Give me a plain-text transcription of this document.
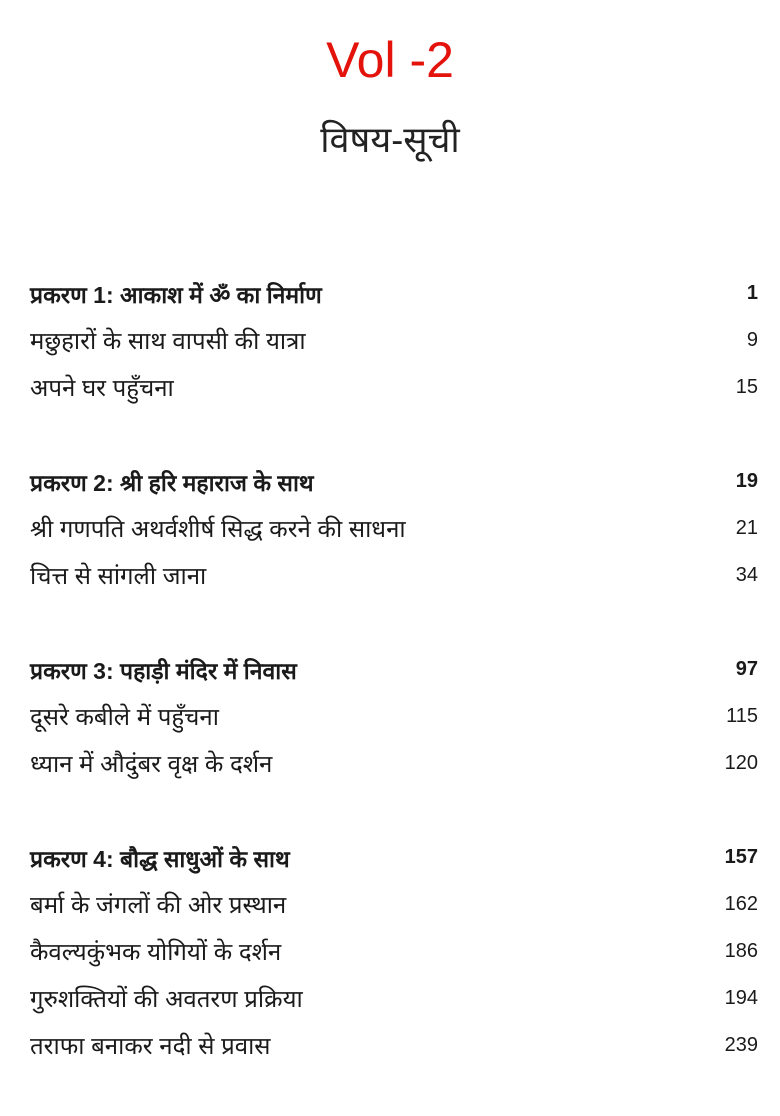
Vol -2
विषय-सूची
प्रकरण 1: आकाश में ॐ का निर्माण	1
मछुहारों के साथ वापसी की यात्रा	9
अपने घर पहुँचना	15
प्रकरण 2: श्री हरि महाराज के साथ	19
श्री गणपति अथर्वशीर्ष सिद्ध करने की साधना	21
चित्त से सांगली जाना	34
प्रकरण 3: पहाड़ी मंदिर में निवास	97
दूसरे कबीले में पहुँचना	115
ध्यान में औदुंबर वृक्ष के दर्शन	120
प्रकरण 4: बौद्ध साधुओं के साथ	157
बर्मा के जंगलों की ओर प्रस्थान	162
कैवल्यकुंभक योगियों के दर्शन	186
गुरुशक्तियों की अवतरण प्रक्रिया	194
तराफा बनाकर नदी से प्रवास	239
